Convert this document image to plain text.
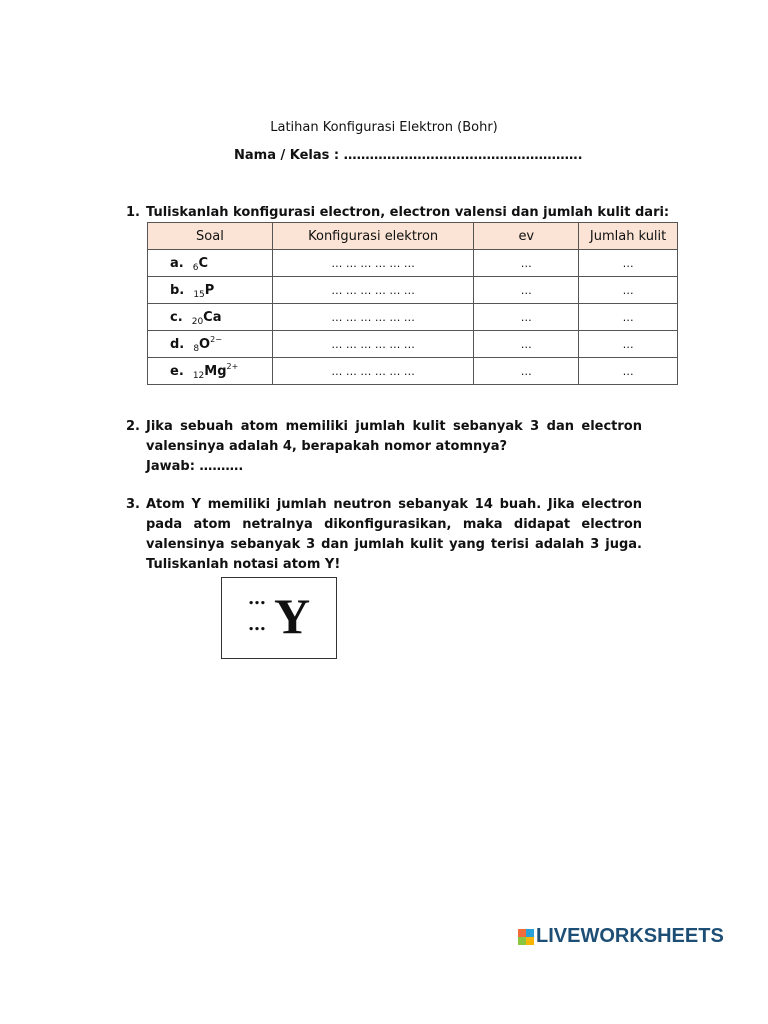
Latihan Konfigurasi Elektron (Bohr)
Nama / Kelas : ……………………………………………….
1. Tuliskanlah konfigurasi electron, electron valensi dan jumlah kulit dari:
Soal	Konfigurasi elektron	ev	Jumlah kulit
a. $_6$C	… … … … … …	…	…
b. $_{15}$P	… … … … … …	…	…
c. $_{20}$Ca	… … … … … …	…	…
d. $_8O^{2-}$	… … … … … …	…	…
e. $_{12}Mg^{2+}$	… … … … … …	…	…
2. Jika sebuah atom memiliki jumlah kulit sebanyak 3 dan electron valensinya adalah 4, berapakah nomor atomnya?
Jawab: ……….
3. Atom Y memiliki jumlah neutron sebanyak 14 buah. Jika electron pada atom netralnya dikonfigurasikan, maka didapat electron valensinya sebanyak 3 dan jumlah kulit yang terisi adalah 3 juga. Tuliskanlah notasi atom Y!
…
… Y
LIVEWORKSHEETS
